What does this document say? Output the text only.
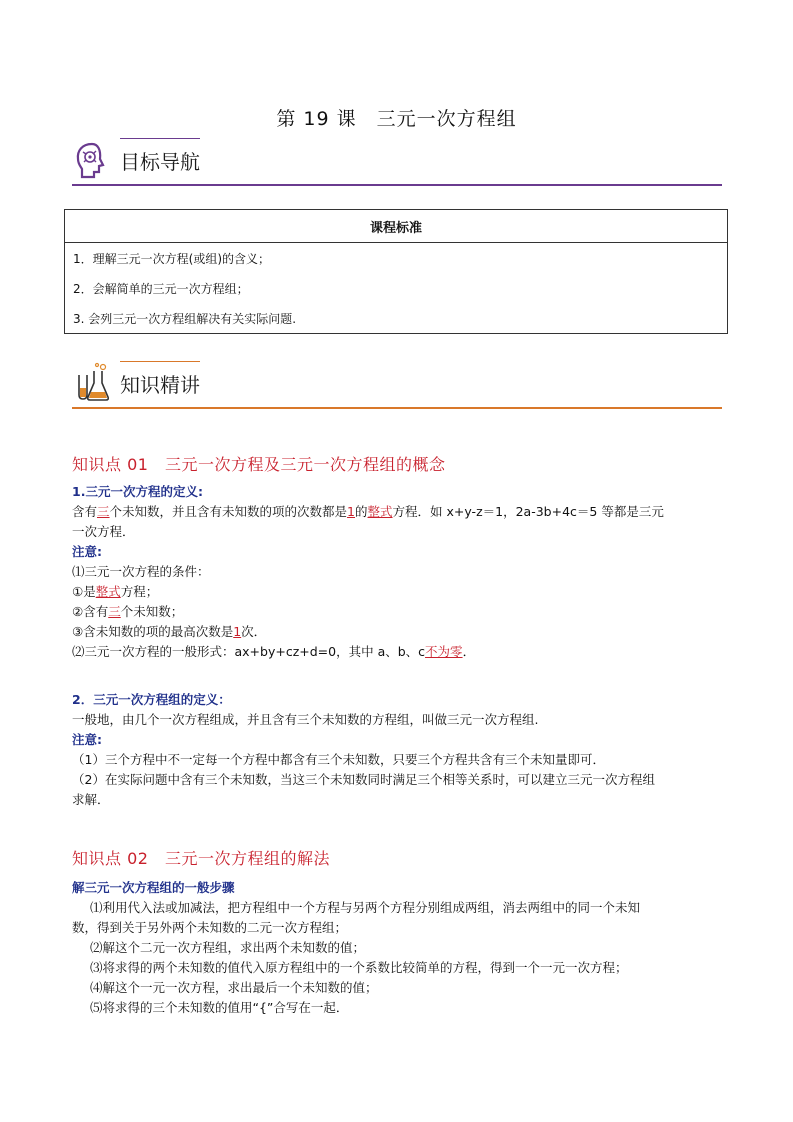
第 19 课　三元一次方程组
目标导航
课程标准
1．理解三元一次方程(或组)的含义；
2．会解简单的三元一次方程组；
3. 会列三元一次方程组解决有关实际问题.
知识精讲
知识点 01　三元一次方程及三元一次方程组的概念
1.三元一次方程的定义:
含有三个未知数，并且含有未知数的项的次数都是1的整式方程．如 x+y-z＝1，2a-3b+4c＝5 等都是三元
一次方程．
注意:
⑴三元一次方程的条件：
①是整式方程；
②含有三个未知数；
③含未知数的项的最高次数是1次．
⑵三元一次方程的一般形式：ax+by+cz+d=0，其中 a、b、c不为零．
2．三元一次方程组的定义：
一般地，由几个一次方程组成，并且含有三个未知数的方程组，叫做三元一次方程组.
注意:
（1）三个方程中不一定每一个方程中都含有三个未知数，只要三个方程共含有三个未知量即可．
（2）在实际问题中含有三个未知数，当这三个未知数同时满足三个相等关系时，可以建立三元一次方程组
求解．
知识点 02　三元一次方程组的解法
解三元一次方程组的一般步骤
⑴利用代入法或加减法，把方程组中一个方程与另两个方程分别组成两组，消去两组中的同一个未知
数，得到关于另外两个未知数的二元一次方程组；
⑵解这个二元一次方程组，求出两个未知数的值；
⑶将求得的两个未知数的值代入原方程组中的一个系数比较简单的方程，得到一个一元一次方程；
⑷解这个一元一次方程，求出最后一个未知数的值；
⑸将求得的三个未知数的值用“{”合写在一起．
